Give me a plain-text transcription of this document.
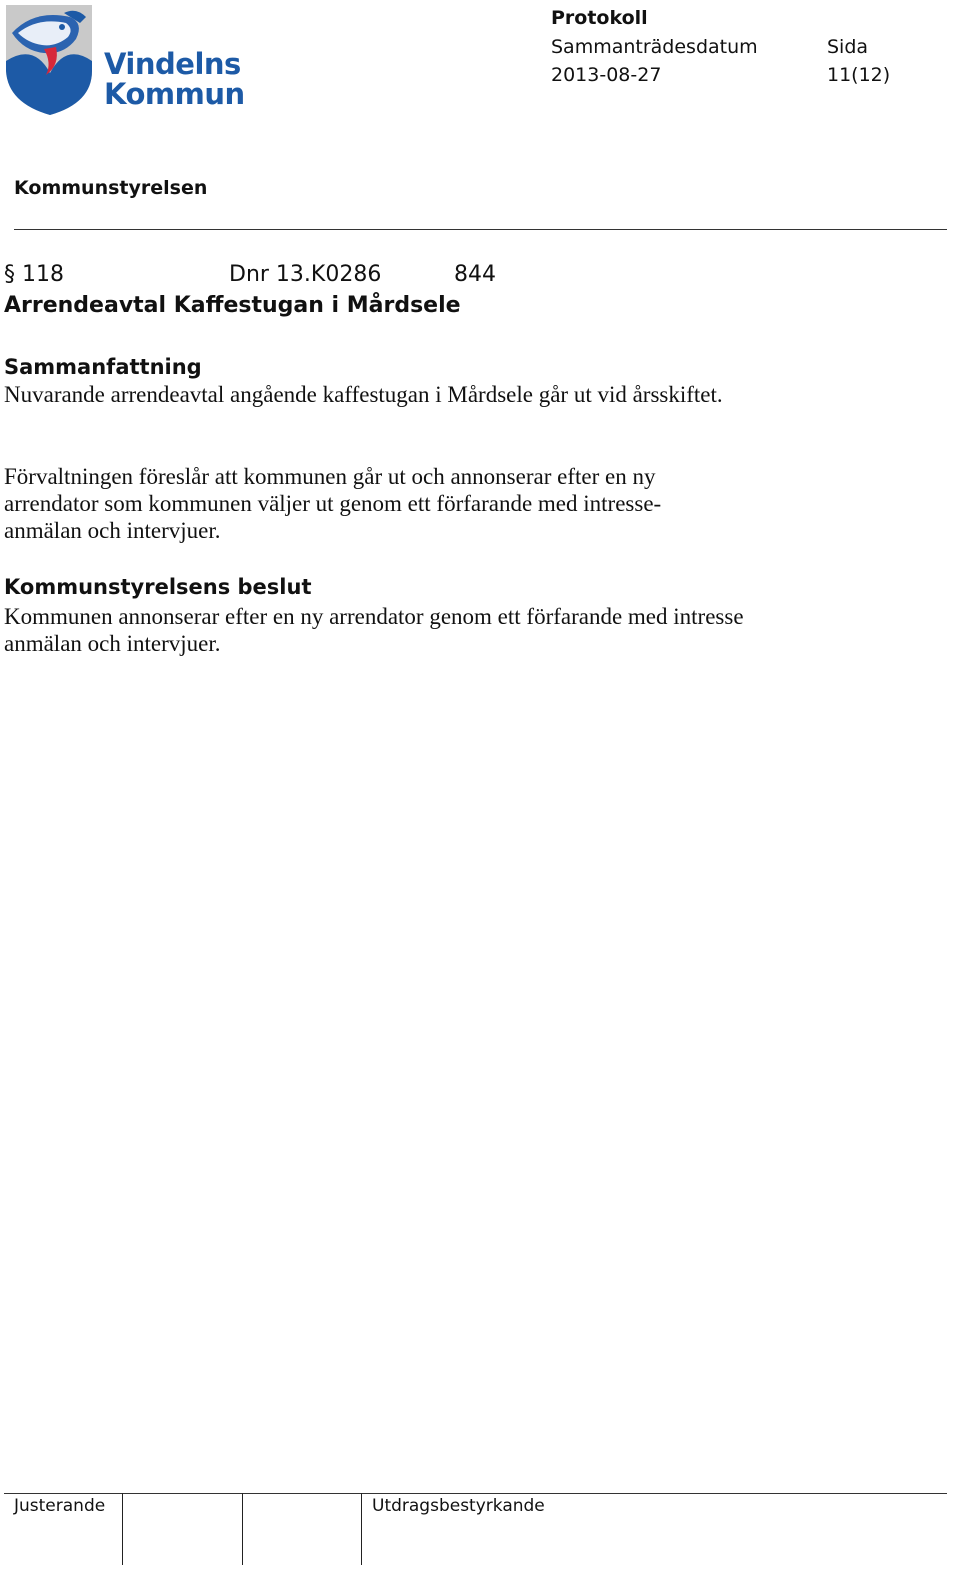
Vindelns
Kommun
Protokoll
Sammanträdesdatum	Sida
2013-08-27	11(12)
Kommunstyrelsen
§ 118	Dnr 13.K0286	844
Arrendeavtal Kaffestugan i Mårdsele
Sammanfattning
Nuvarande arrendeavtal angående kaffestugan i Mårdsele går ut vid årsskiftet.
Förvaltningen föreslår att kommunen går ut och annonserar efter en ny
arrendator som kommunen väljer ut genom ett förfarande med intresse-
anmälan och intervjuer.
Kommunstyrelsens beslut
Kommunen annonserar efter en ny arrendator genom ett förfarande med intresse anmälan och intervjuer.
Justerande	Utdragsbestyrkande
